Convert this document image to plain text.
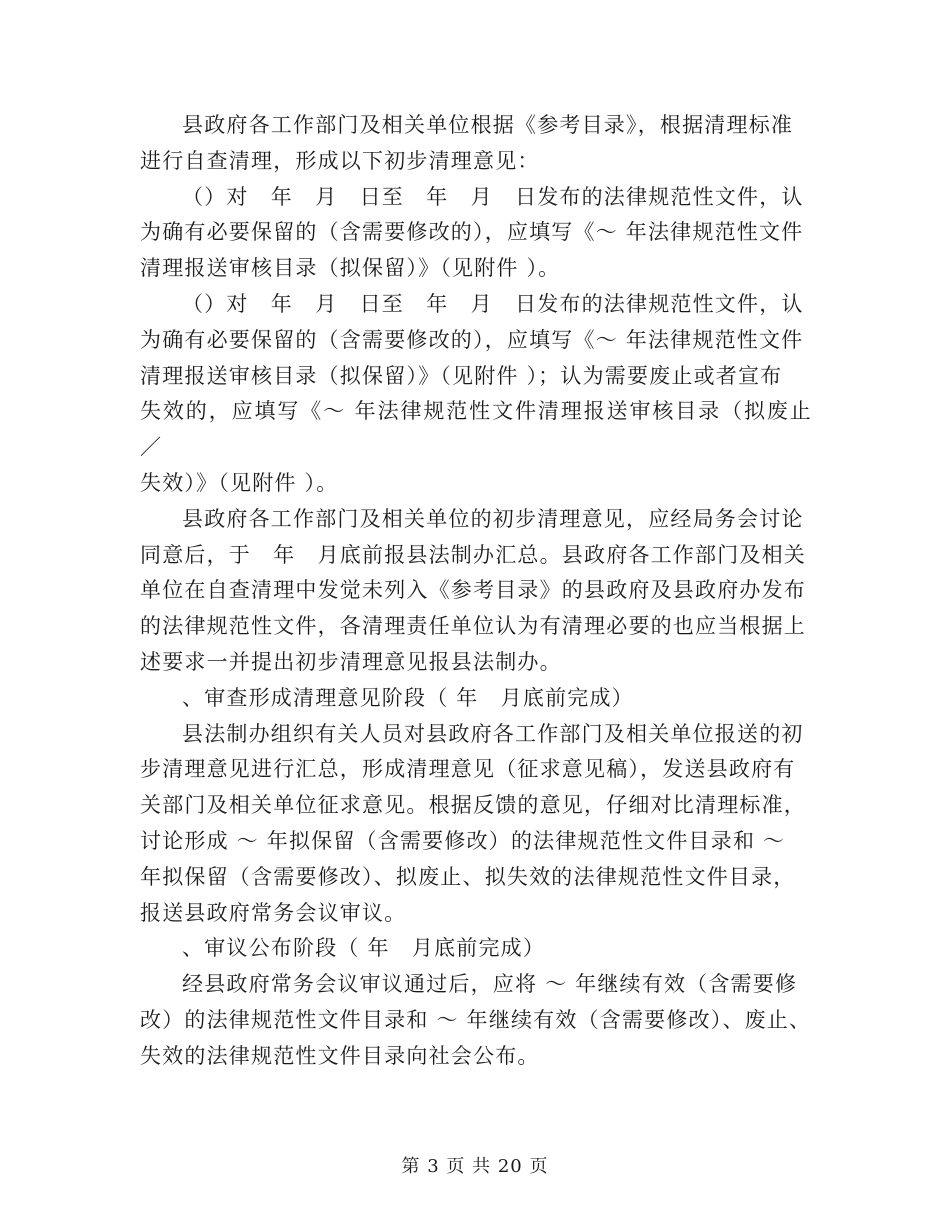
县政府各工作部门及相关单位根据《参考目录》，根据清理标准
进行自查清理，形成以下初步清理意见：

（）对　年　月　日至　年　月　日发布的法律规范性文件，认
为确有必要保留的（含需要修改的），应填写《～ 年法律规范性文件
清理报送审核目录（拟保留）》（见附件 ）。

（）对　年　月　日至　年　月　日发布的法律规范性文件，认
为确有必要保留的（含需要修改的），应填写《～ 年法律规范性文件
清理报送审核目录（拟保留）》（见附件 ）；认为需要废止或者宣布
失效的，应填写《～ 年法律规范性文件清理报送审核目录（拟废止／
失效）》（见附件 ）。

县政府各工作部门及相关单位的初步清理意见，应经局务会讨论
同意后，于　年　月底前报县法制办汇总。县政府各工作部门及相关
单位在自查清理中发觉未列入《参考目录》的县政府及县政府办发布
的法律规范性文件，各清理责任单位认为有清理必要的也应当根据上
述要求一并提出初步清理意见报县法制办。

、审查形成清理意见阶段（ 年　月底前完成）

县法制办组织有关人员对县政府各工作部门及相关单位报送的初
步清理意见进行汇总，形成清理意见（征求意见稿），发送县政府有
关部门及相关单位征求意见。根据反馈的意见，仔细对比清理标准，
讨论形成 ～ 年拟保留（含需要修改）的法律规范性文件目录和 ～
年拟保留（含需要修改）、拟废止、拟失效的法律规范性文件目录，
报送县政府常务会议审议。

、审议公布阶段（ 年　月底前完成）

经县政府常务会议审议通过后，应将 ～ 年继续有效（含需要修
改）的法律规范性文件目录和 ～ 年继续有效（含需要修改）、废止、
失效的法律规范性文件目录向社会公布。

第 3 页 共 20 页
